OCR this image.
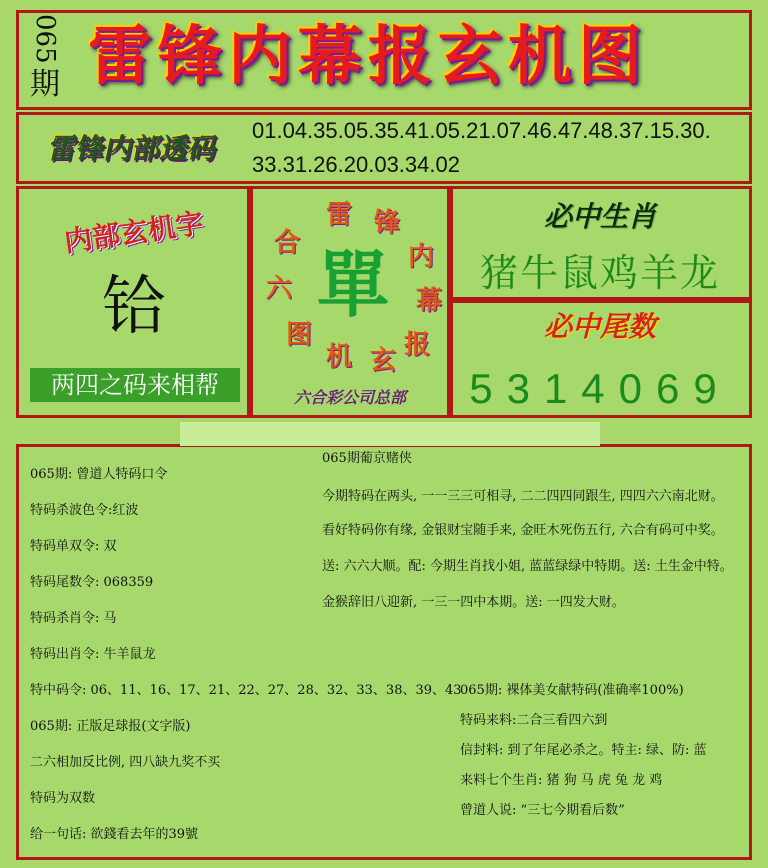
065
期 雷锋内幕报玄机图
雷锋内部透码
01.04.35.05.35.41.05.21.07.46.47.48.37.15.30.
33.31.26.20.03.34.02
内部玄机字
铪
两四之码来相帮
雷 锋
内
幕
报
玄
机
图
六
合 單
六合彩公司总部
必中生肖
猪牛鼠鸡羊龙
必中尾数
5314069
065期: 曾道人特码口令
特码杀波色令:红波
特码单双令: 双
特码尾数令: 068359
特码杀肖令: 马
特码出肖令: 牛羊鼠龙
特中码令: 06、11、16、17、21、22、27、28、32、33、38、39、43
065期: 正版足球报(文字版)
二六相加反比例, 四八缺九奖不买
特码为双数
给一句话: 欲錢看去年的39號
065期葡京赌侠
今期特码在两头, 一一三三可相寻, 二二四四同跟生, 四四六六南北财。
看好特码你有缘, 金银财宝随手来, 金旺木死伤五行, 六合有码可中奖。
送: 六六大顺。配: 今期生肖找小姐, 蓝蓝绿绿中特期。送: 土生金中特。
金猴辞旧八迎新, 一三一四中本期。送: 一四发大财。
065期: 裸体美女献特码(准确率100%)
特码来料:二合三看四六到
信封料: 到了年尾必杀之。特主: 绿、防: 蓝
来料七个生肖: 猪 狗 马 虎 兔 龙 鸡
曾道人说: “三七今期看后数”
